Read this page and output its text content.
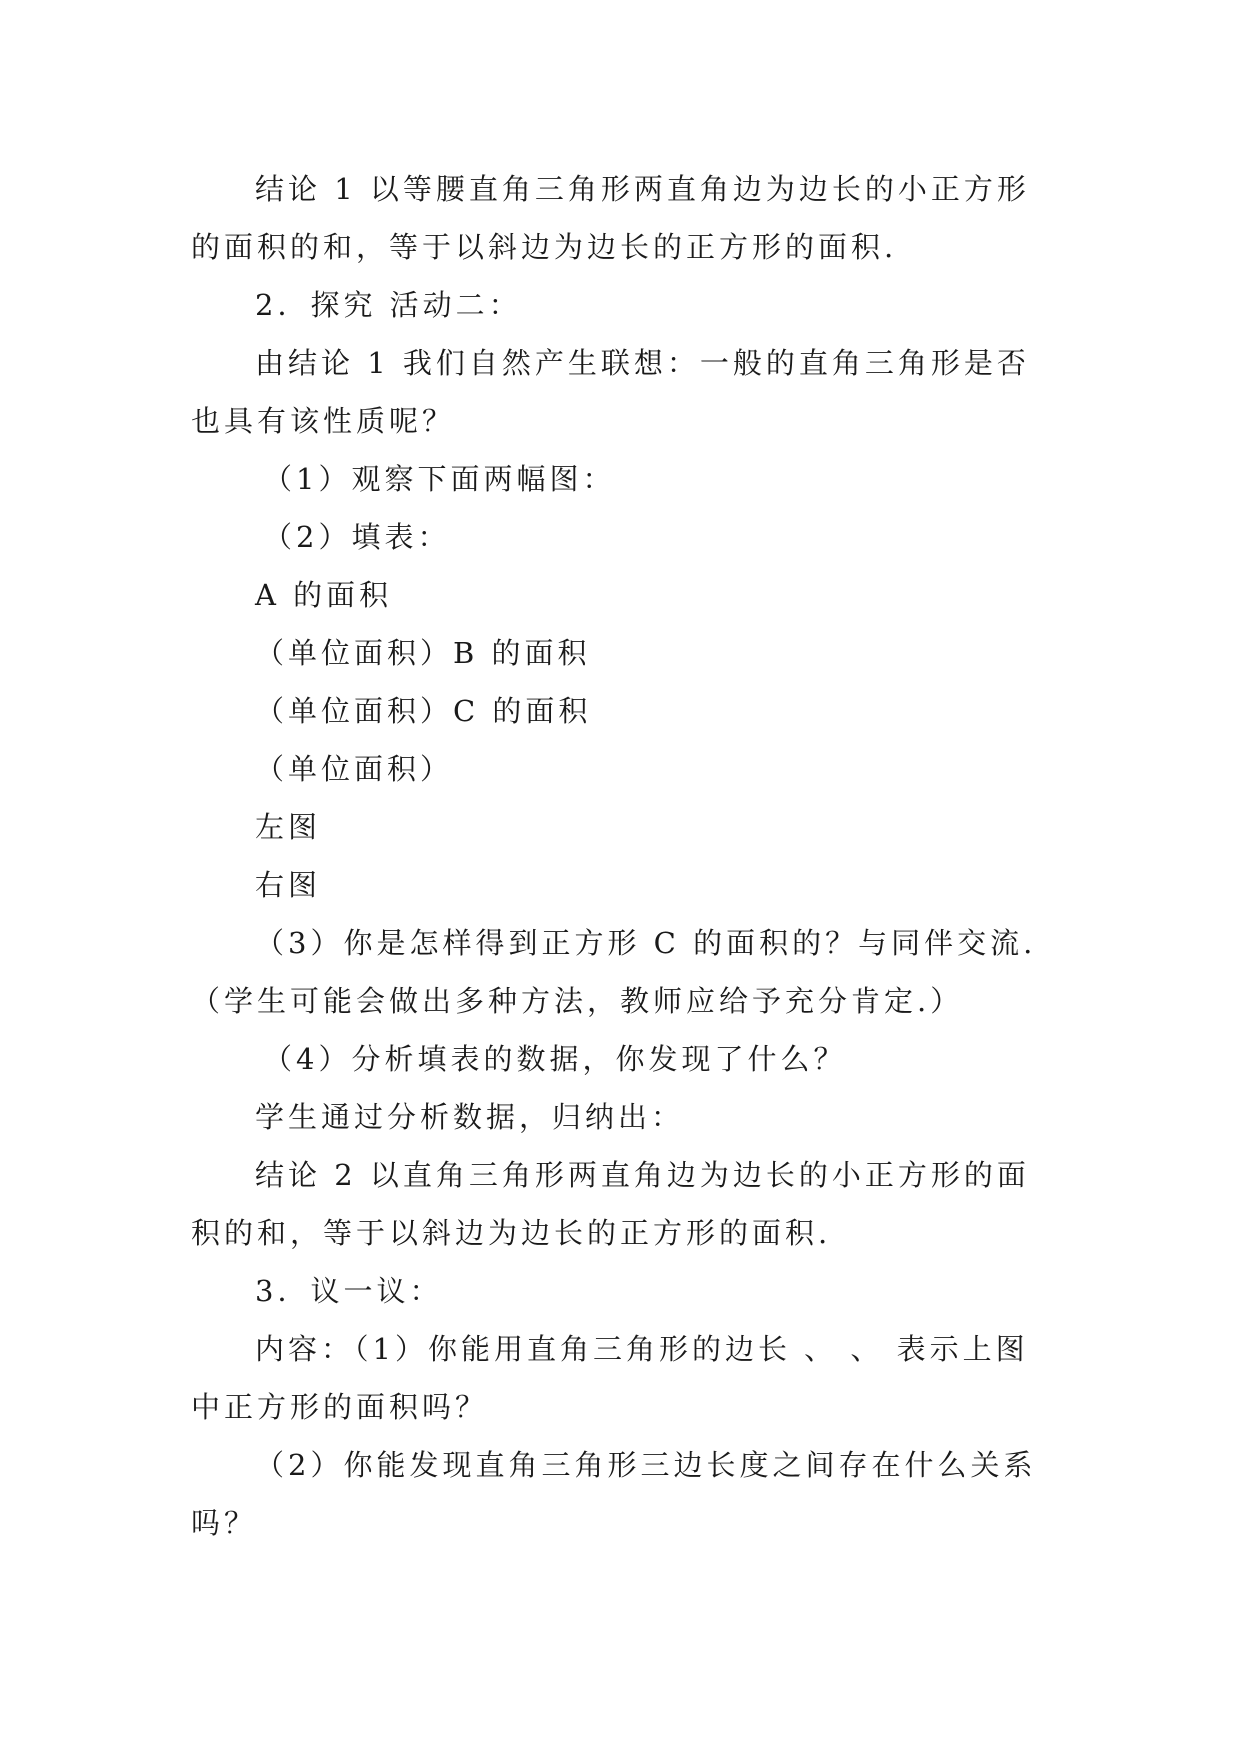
结论 1 以等腰直角三角形两直角边为边长的小正方形的面积的和，等于以斜边为边长的正方形的面积.

2．探究 活动二：

由结论 1 我们自然产生联想：一般的直角三角形是否也具有该性质呢？

（1）观察下面两幅图：

（2）填表：

A 的面积

（单位面积）B 的面积

（单位面积）C 的面积

（单位面积）

左图

右图

（3）你是怎样得到正方形 C 的面积的？与同伴交流.（学生可能会做出多种方法，教师应给予充分肯定.）

（4）分析填表的数据，你发现了什么？

学生通过分析数据，归纳出：

结论 2 以直角三角形两直角边为边长的小正方形的面积的和，等于以斜边为边长的正方形的面积.

3．议一议：

内容：（1）你能用直角三角形的边长 、 、 表示上图中正方形的面积吗？

（2）你能发现直角三角形三边长度之间存在什么关系吗？
